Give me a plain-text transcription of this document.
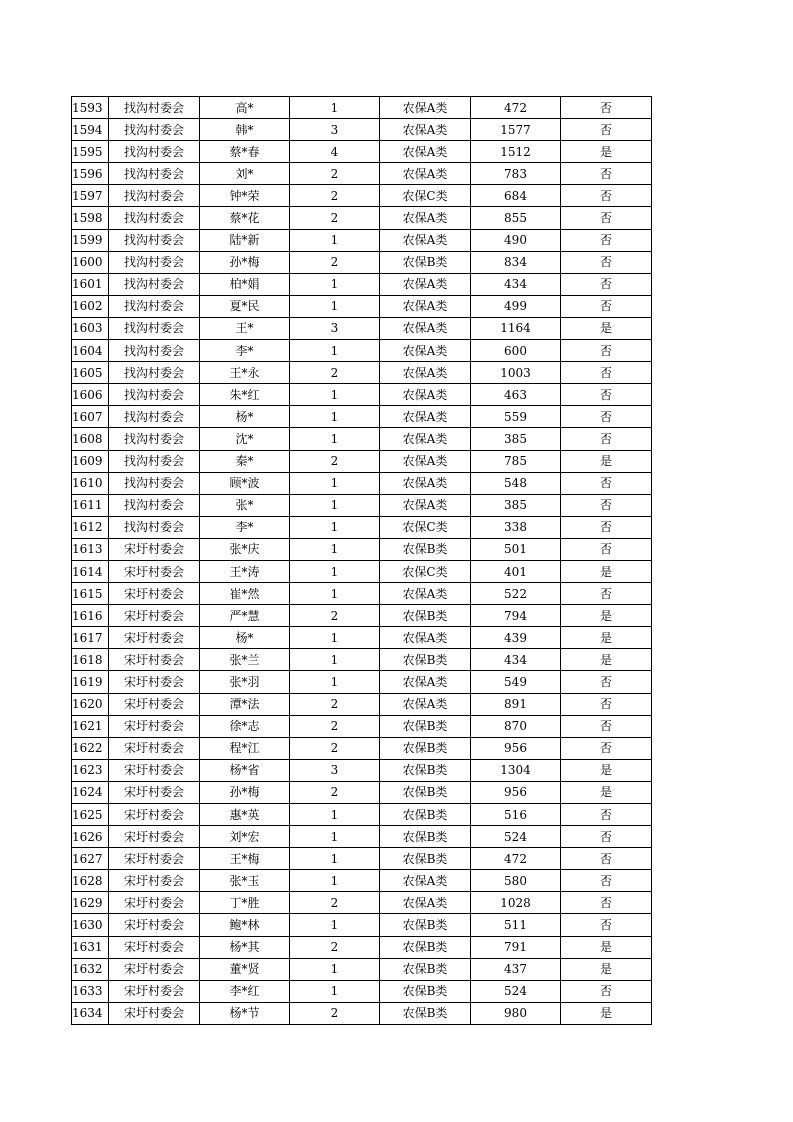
1593	找沟村委会	高*	1	农保A类	472	否
1594	找沟村委会	韩*	3	农保A类	1577	否
1595	找沟村委会	蔡*春	4	农保A类	1512	是
1596	找沟村委会	刘*	2	农保A类	783	否
1597	找沟村委会	钟*荣	2	农保C类	684	否
1598	找沟村委会	蔡*花	2	农保A类	855	否
1599	找沟村委会	陆*新	1	农保A类	490	否
1600	找沟村委会	孙*梅	2	农保B类	834	否
1601	找沟村委会	柏*娟	1	农保A类	434	否
1602	找沟村委会	夏*民	1	农保A类	499	否
1603	找沟村委会	王*	3	农保A类	1164	是
1604	找沟村委会	李*	1	农保A类	600	否
1605	找沟村委会	王*永	2	农保A类	1003	否
1606	找沟村委会	朱*红	1	农保A类	463	否
1607	找沟村委会	杨*	1	农保A类	559	否
1608	找沟村委会	沈*	1	农保A类	385	否
1609	找沟村委会	秦*	2	农保A类	785	是
1610	找沟村委会	顾*波	1	农保A类	548	否
1611	找沟村委会	张*	1	农保A类	385	否
1612	找沟村委会	李*	1	农保C类	338	否
1613	宋圩村委会	张*庆	1	农保B类	501	否
1614	宋圩村委会	王*涛	1	农保C类	401	是
1615	宋圩村委会	崔*然	1	农保A类	522	否
1616	宋圩村委会	严*慧	2	农保B类	794	是
1617	宋圩村委会	杨*	1	农保A类	439	是
1618	宋圩村委会	张*兰	1	农保B类	434	是
1619	宋圩村委会	张*羽	1	农保A类	549	否
1620	宋圩村委会	潭*法	2	农保A类	891	否
1621	宋圩村委会	徐*志	2	农保B类	870	否
1622	宋圩村委会	程*江	2	农保B类	956	否
1623	宋圩村委会	杨*省	3	农保B类	1304	是
1624	宋圩村委会	孙*梅	2	农保B类	956	是
1625	宋圩村委会	惠*英	1	农保B类	516	否
1626	宋圩村委会	刘*宏	1	农保B类	524	否
1627	宋圩村委会	王*梅	1	农保B类	472	否
1628	宋圩村委会	张*玉	1	农保A类	580	否
1629	宋圩村委会	丁*胜	2	农保A类	1028	否
1630	宋圩村委会	鲍*林	1	农保B类	511	否
1631	宋圩村委会	杨*其	2	农保B类	791	是
1632	宋圩村委会	董*贤	1	农保B类	437	是
1633	宋圩村委会	李*红	1	农保B类	524	否
1634	宋圩村委会	杨*节	2	农保B类	980	是
